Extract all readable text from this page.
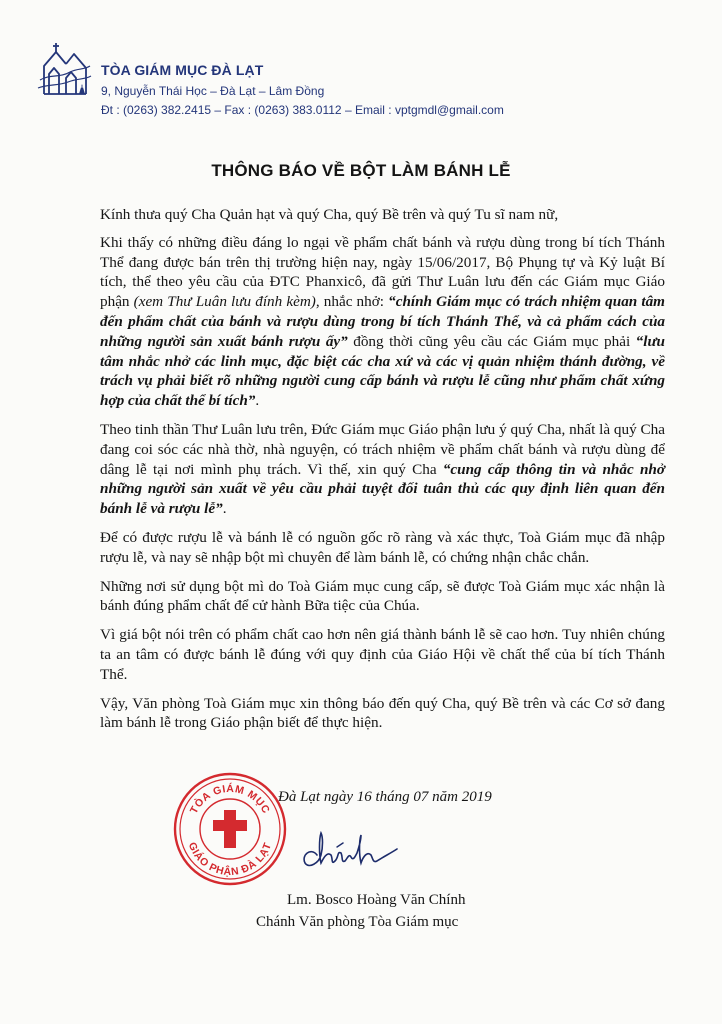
TÒA GIÁM MỤC ĐÀ LẠT
9, Nguyễn Thái Học – Đà Lạt – Lâm Đồng
Đt : (0263) 382.2415 – Fax : (0263) 383.0112 – Email : vptgmdl@gmail.com
THÔNG BÁO VỀ BỘT LÀM BÁNH LỄ

Kính thưa quý Cha Quản hạt và quý Cha, quý Bề trên và quý Tu sĩ nam nữ,

Khi thấy có những điều đáng lo ngại về phẩm chất bánh và rượu dùng trong bí tích Thánh Thể đang được bán trên thị trường hiện nay, ngày 15/06/2017, Bộ Phụng tự và Kỷ luật Bí tích, thể theo yêu cầu của ĐTC Phanxicô, đã gửi Thư Luân lưu đến các Giám mục Giáo phận (xem Thư Luân lưu đính kèm), nhắc nhở: “chính Giám mục có trách nhiệm quan tâm đến phẩm chất của bánh và rượu dùng trong bí tích Thánh Thể, và cả phẩm cách của những người sản xuất bánh rượu ấy” đồng thời cũng yêu cầu các Giám mục phải “lưu tâm nhắc nhở các linh mục, đặc biệt các cha xứ và các vị quản nhiệm thánh đường, về trách vụ phải biết rõ những người cung cấp bánh và rượu lễ cũng như phẩm chất xứng hợp của chất thể bí tích”.

Theo tinh thần Thư Luân lưu trên, Đức Giám mục Giáo phận lưu ý quý Cha, nhất là quý Cha đang coi sóc các nhà thờ, nhà nguyện, có trách nhiệm về phẩm chất bánh và rượu dùng để dâng lễ tại nơi mình phụ trách. Vì thế, xin quý Cha “cung cấp thông tin và nhắc nhở những người sản xuất về yêu cầu phải tuyệt đối tuân thủ các quy định liên quan đến bánh lễ và rượu lễ”.

Để có được rượu lễ và bánh lễ có nguồn gốc rõ ràng và xác thực, Toà Giám mục đã nhập rượu lễ, và nay sẽ nhập bột mì chuyên để làm bánh lễ, có chứng nhận chắc chắn.

Những nơi sử dụng bột mì do Toà Giám mục cung cấp, sẽ được Toà Giám mục xác nhận là bánh đúng phẩm chất để cử hành Bữa tiệc của Chúa.

Vì giá bột nói trên có phẩm chất cao hơn nên giá thành bánh lễ sẽ cao hơn. Tuy nhiên chúng ta an tâm có được bánh lễ đúng với quy định của Giáo Hội về chất thể của bí tích Thánh Thể.

Vậy, Văn phòng Toà Giám mục xin thông báo đến quý Cha, quý Bề trên và các Cơ sở đang làm bánh lễ trong Giáo phận biết để thực hiện.

Đà Lạt ngày 16 tháng 07 năm 2019
TÒA GIÁM MỤC
GIÁO PHẬN ĐÀ LẠT
Lm. Bosco Hoàng Văn Chính
Chánh Văn phòng Tòa Giám mục
